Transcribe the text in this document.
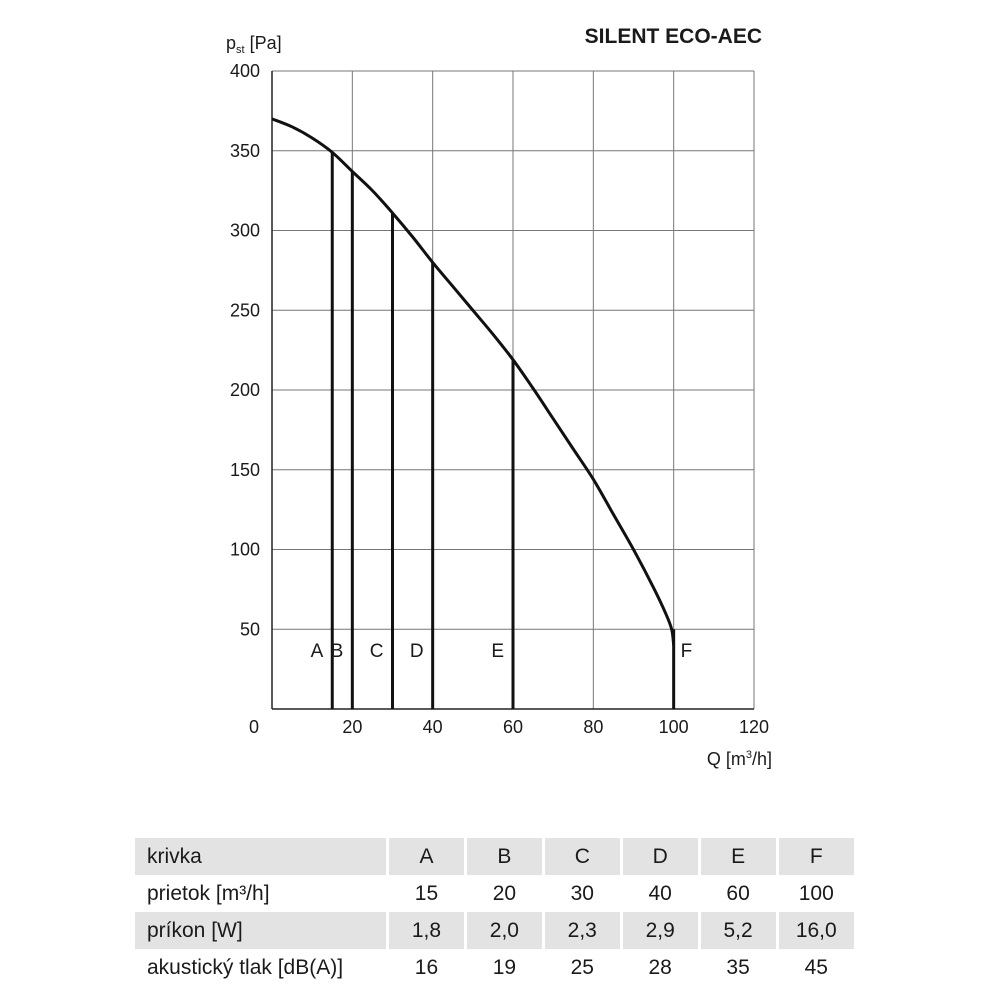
SILENT ECO-AEC
$p_{st}$ [Pa]
Q $[m^3/h]$
50
100
150
200
250
300
350
400
0	20	40	60	80	100	120
A B C D	E	F
krivka	A	B	C	D	E	F
prietok [m³/h]	15	20	30	40	60	100
príkon [W]	1,8	2,0	2,3	2,9	5,2	16,0
akustický tlak [dB(A)]	16	19	25	28	35	45
